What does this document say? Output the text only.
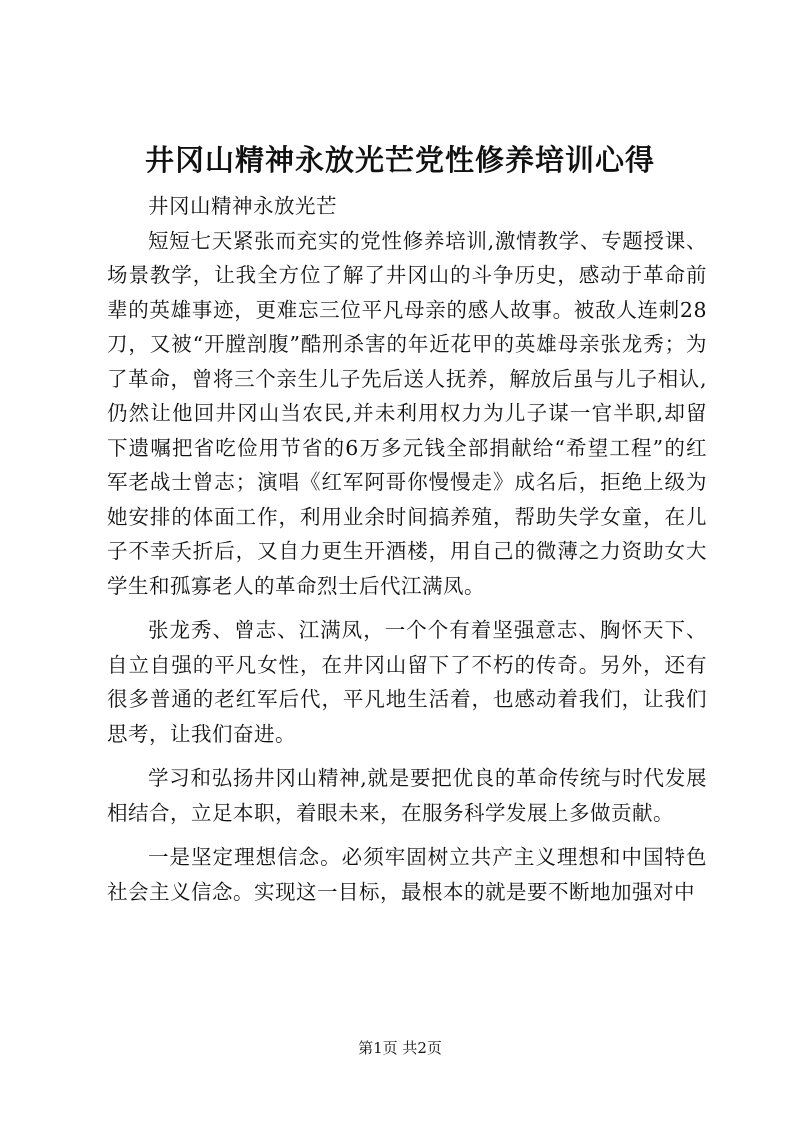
井冈山精神永放光芒党性修养培训心得

井冈山精神永放光芒

短短七天紧张而充实的党性修养培训,激情教学、专题授课、场景教学，让我全方位了解了井冈山的斗争历史，感动于革命前辈的英雄事迹，更难忘三位平凡母亲的感人故事。被敌人连刺28刀，又被“开膛剖腹”酷刑杀害的年近花甲的英雄母亲张龙秀；为了革命，曾将三个亲生儿子先后送人抚养，解放后虽与儿子相认,仍然让他回井冈山当农民,并未利用权力为儿子谋一官半职,却留下遗嘱把省吃俭用节省的6万多元钱全部捐献给“希望工程”的红军老战士曾志；演唱《红军阿哥你慢慢走》成名后，拒绝上级为她安排的体面工作，利用业余时间搞养殖，帮助失学女童，在儿子不幸夭折后，又自力更生开酒楼，用自己的微薄之力资助女大学生和孤寡老人的革命烈士后代江满凤。

张龙秀、曾志、江满凤，一个个有着坚强意志、胸怀天下、自立自强的平凡女性，在井冈山留下了不朽的传奇。另外，还有很多普通的老红军后代，平凡地生活着，也感动着我们，让我们思考，让我们奋进。

学习和弘扬井冈山精神,就是要把优良的革命传统与时代发展相结合，立足本职，着眼未来，在服务科学发展上多做贡献。

一是坚定理想信念。必须牢固树立共产主义理想和中国特色社会主义信念。实现这一目标，最根本的就是要不断地加强对中

第1页 共2页
